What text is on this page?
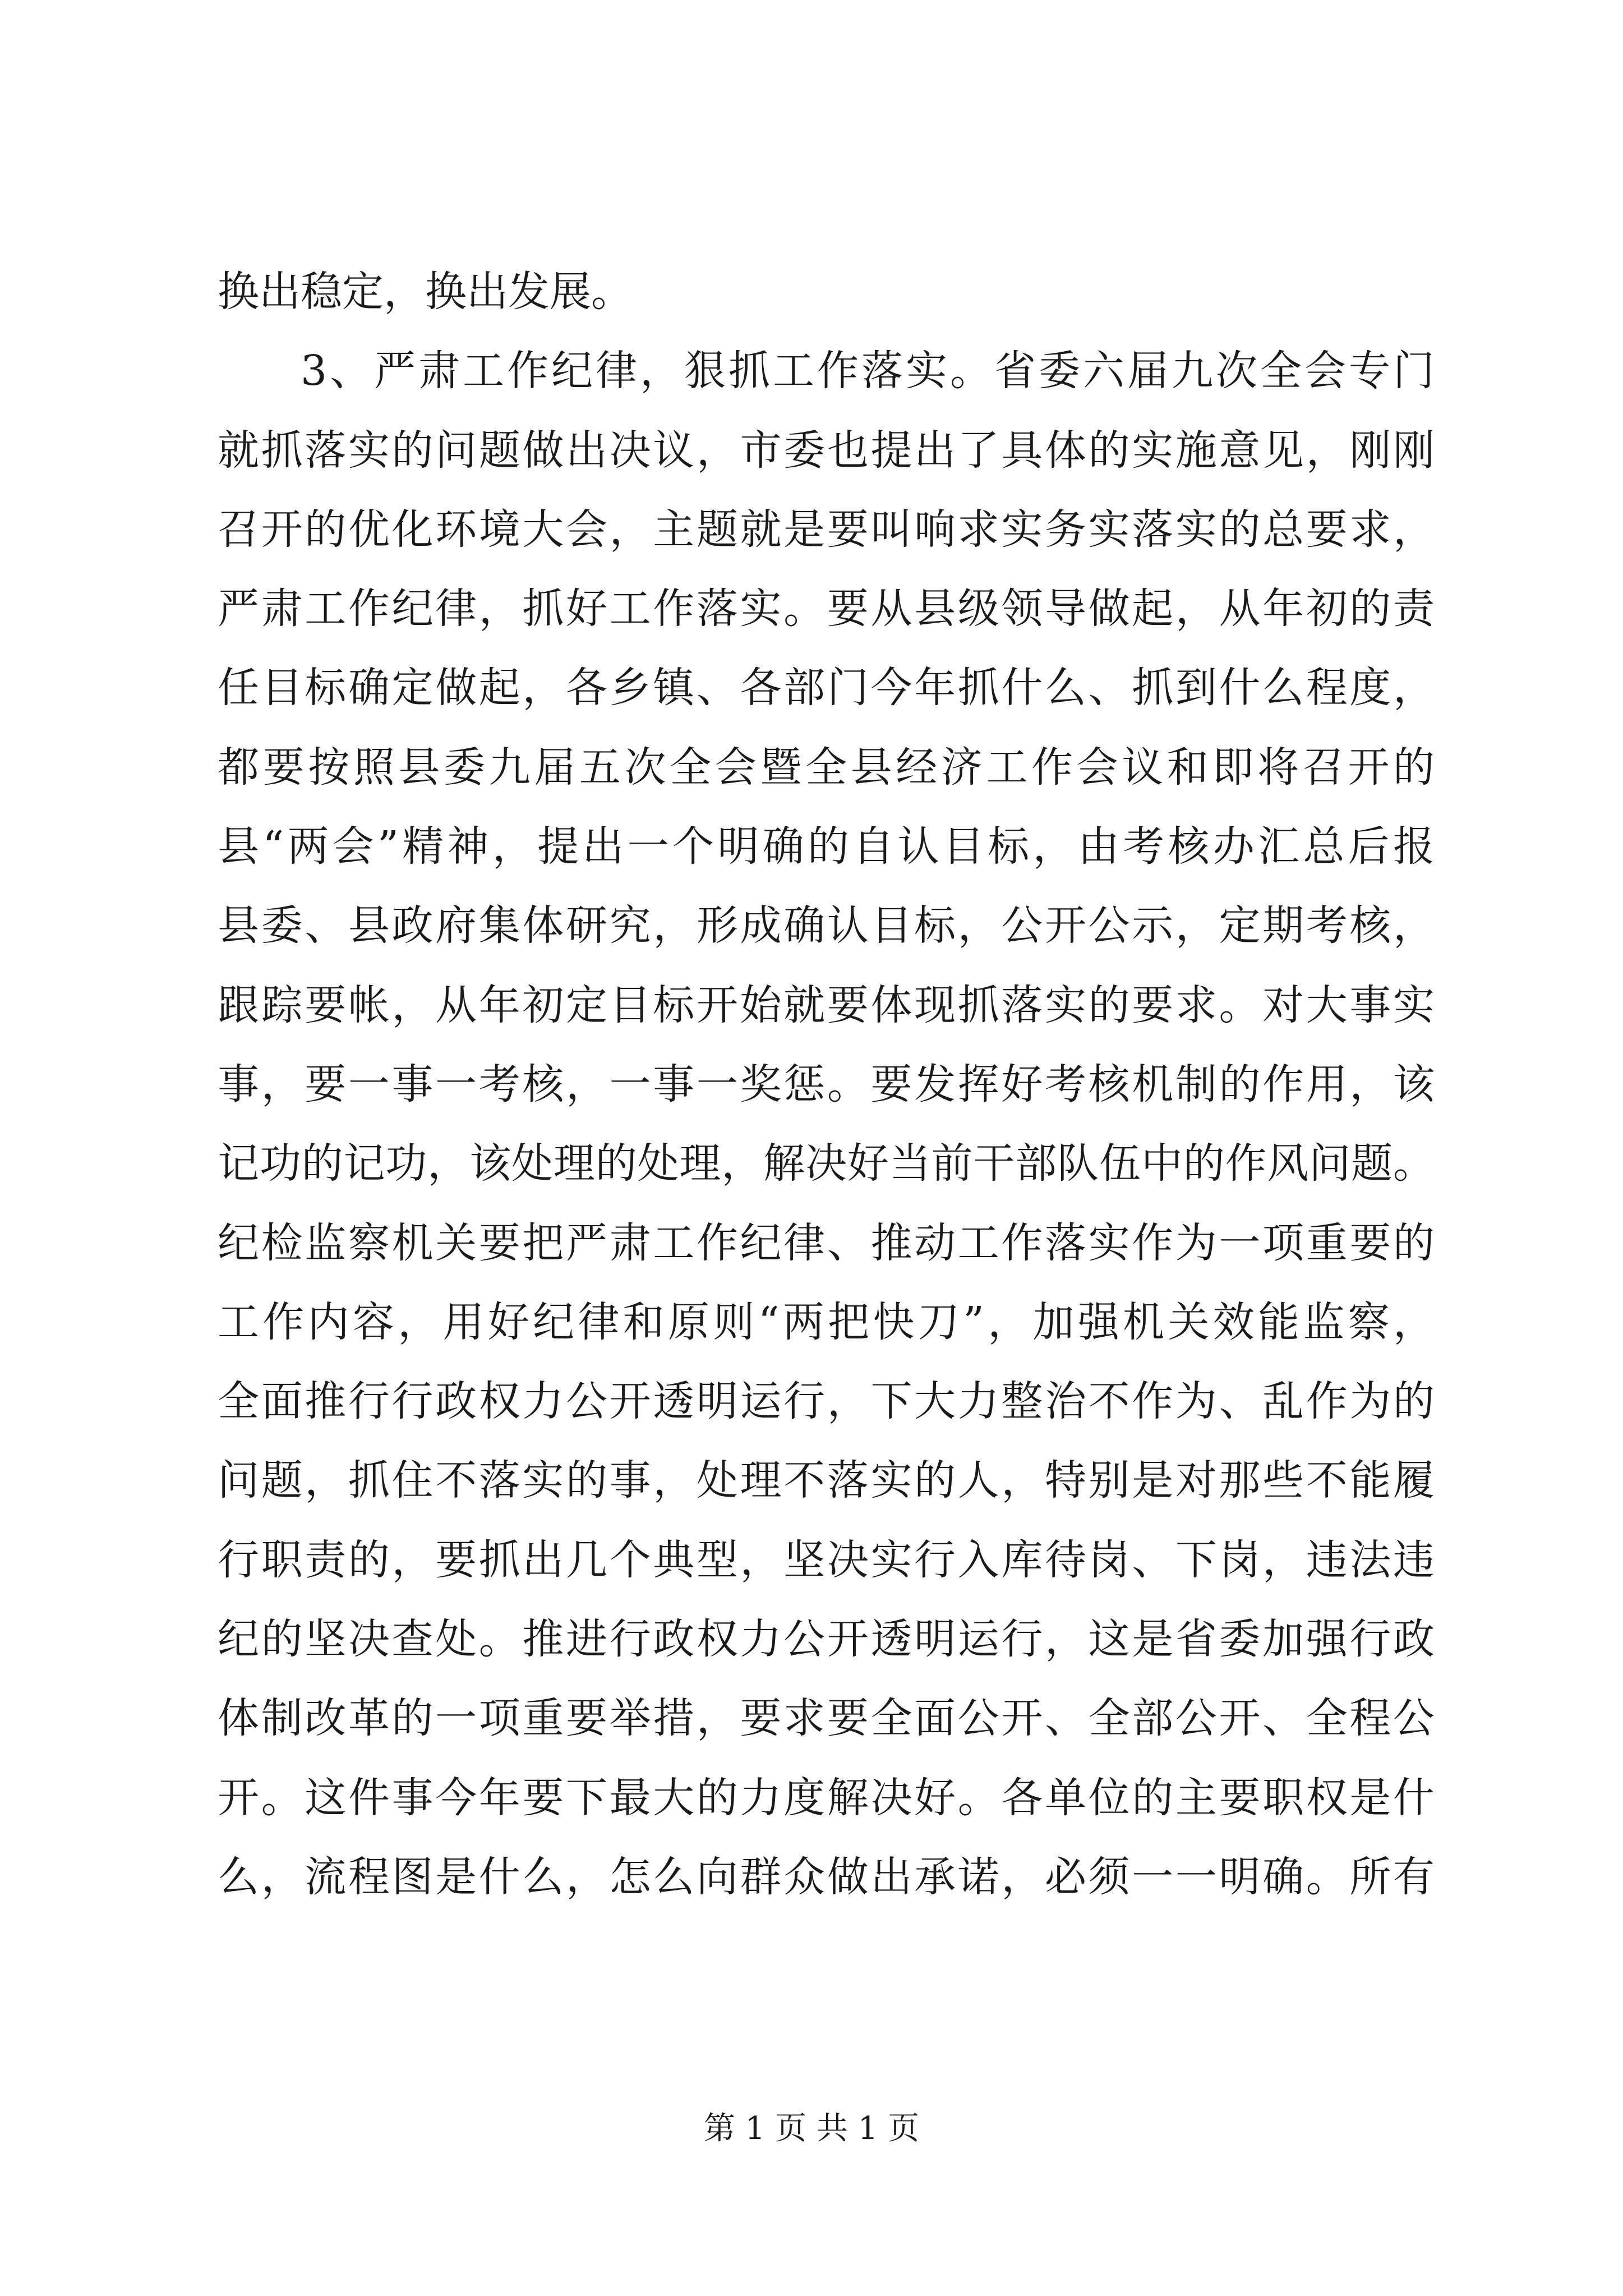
换出稳定，换出发展。
3、严肃工作纪律，狠抓工作落实。省委六届九次全会专门
就抓落实的问题做出决议，市委也提出了具体的实施意见，刚刚
召开的优化环境大会，主题就是要叫响求实务实落实的总要求，
严肃工作纪律，抓好工作落实。要从县级领导做起，从年初的责
任目标确定做起，各乡镇、各部门今年抓什么、抓到什么程度，
都要按照县委九届五次全会暨全县经济工作会议和即将召开的
县“两会”精神，提出一个明确的自认目标，由考核办汇总后报
县委、县政府集体研究，形成确认目标，公开公示，定期考核，
跟踪要帐，从年初定目标开始就要体现抓落实的要求。对大事实
事，要一事一考核，一事一奖惩。要发挥好考核机制的作用，该
记功的记功，该处理的处理，解决好当前干部队伍中的作风问题。
纪检监察机关要把严肃工作纪律、推动工作落实作为一项重要的
工作内容，用好纪律和原则“两把快刀”，加强机关效能监察，
全面推行行政权力公开透明运行，下大力整治不作为、乱作为的
问题，抓住不落实的事，处理不落实的人，特别是对那些不能履
行职责的，要抓出几个典型，坚决实行入库待岗、下岗，违法违
纪的坚决查处。推进行政权力公开透明运行，这是省委加强行政
体制改革的一项重要举措，要求要全面公开、全部公开、全程公
开。这件事今年要下最大的力度解决好。各单位的主要职权是什
么，流程图是什么，怎么向群众做出承诺，必须一一明确。所有
第 1 页 共 1 页
